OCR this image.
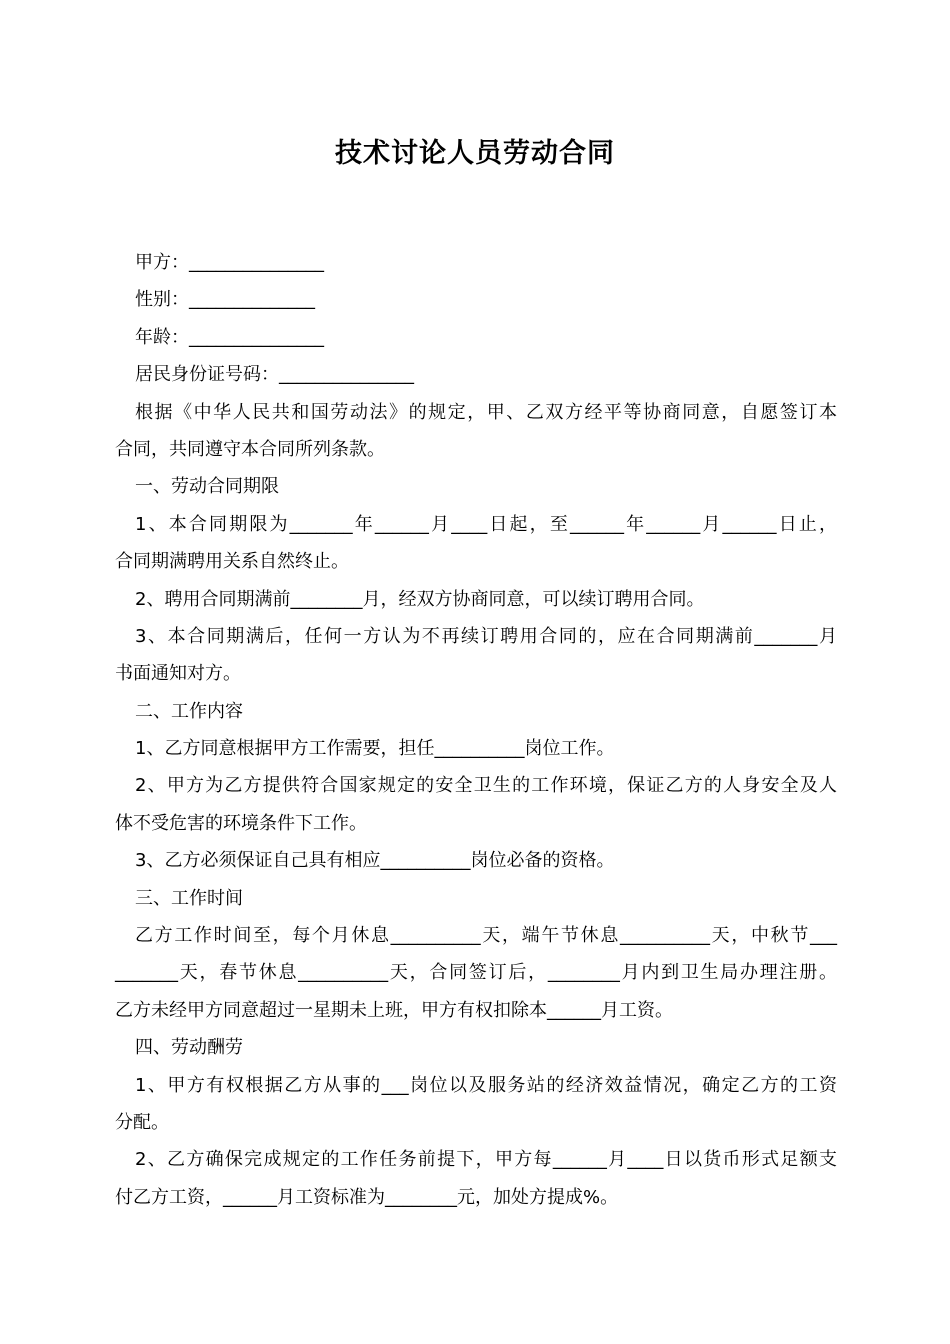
技术讨论人员劳动合同

甲方：_______________

性别：______________

年龄：_______________

居民身份证号码：_______________

根据《中华人民共和国劳动法》的规定，甲、乙双方经平等协商同意，自愿签订本

合同，共同遵守本合同所列条款。

一、劳动合同期限

1、本合同期限为_______年______月____日起，至______年______月______日止，

合同期满聘用关系自然终止。

2、聘用合同期满前________月，经双方协商同意，可以续订聘用合同。

3、本合同期满后，任何一方认为不再续订聘用合同的，应在合同期满前_______月

书面通知对方。

二、工作内容

1、乙方同意根据甲方工作需要，担任__________岗位工作。

2、甲方为乙方提供符合国家规定的安全卫生的工作环境，保证乙方的人身安全及人

体不受危害的环境条件下工作。

3、乙方必须保证自己具有相应__________岗位必备的资格。

三、工作时间

乙方工作时间至，每个月休息__________天，端午节休息__________天，中秋节___

_______天，春节休息__________天，合同签订后，________月内到卫生局办理注册。

乙方未经甲方同意超过一星期未上班，甲方有权扣除本______月工资。

四、劳动酬劳

1、甲方有权根据乙方从事的___岗位以及服务站的经济效益情况，确定乙方的工资

分配。

2、乙方确保完成规定的工作任务前提下，甲方每______月____日以货币形式足额支

付乙方工资，______月工资标准为________元，加处方提成%。
